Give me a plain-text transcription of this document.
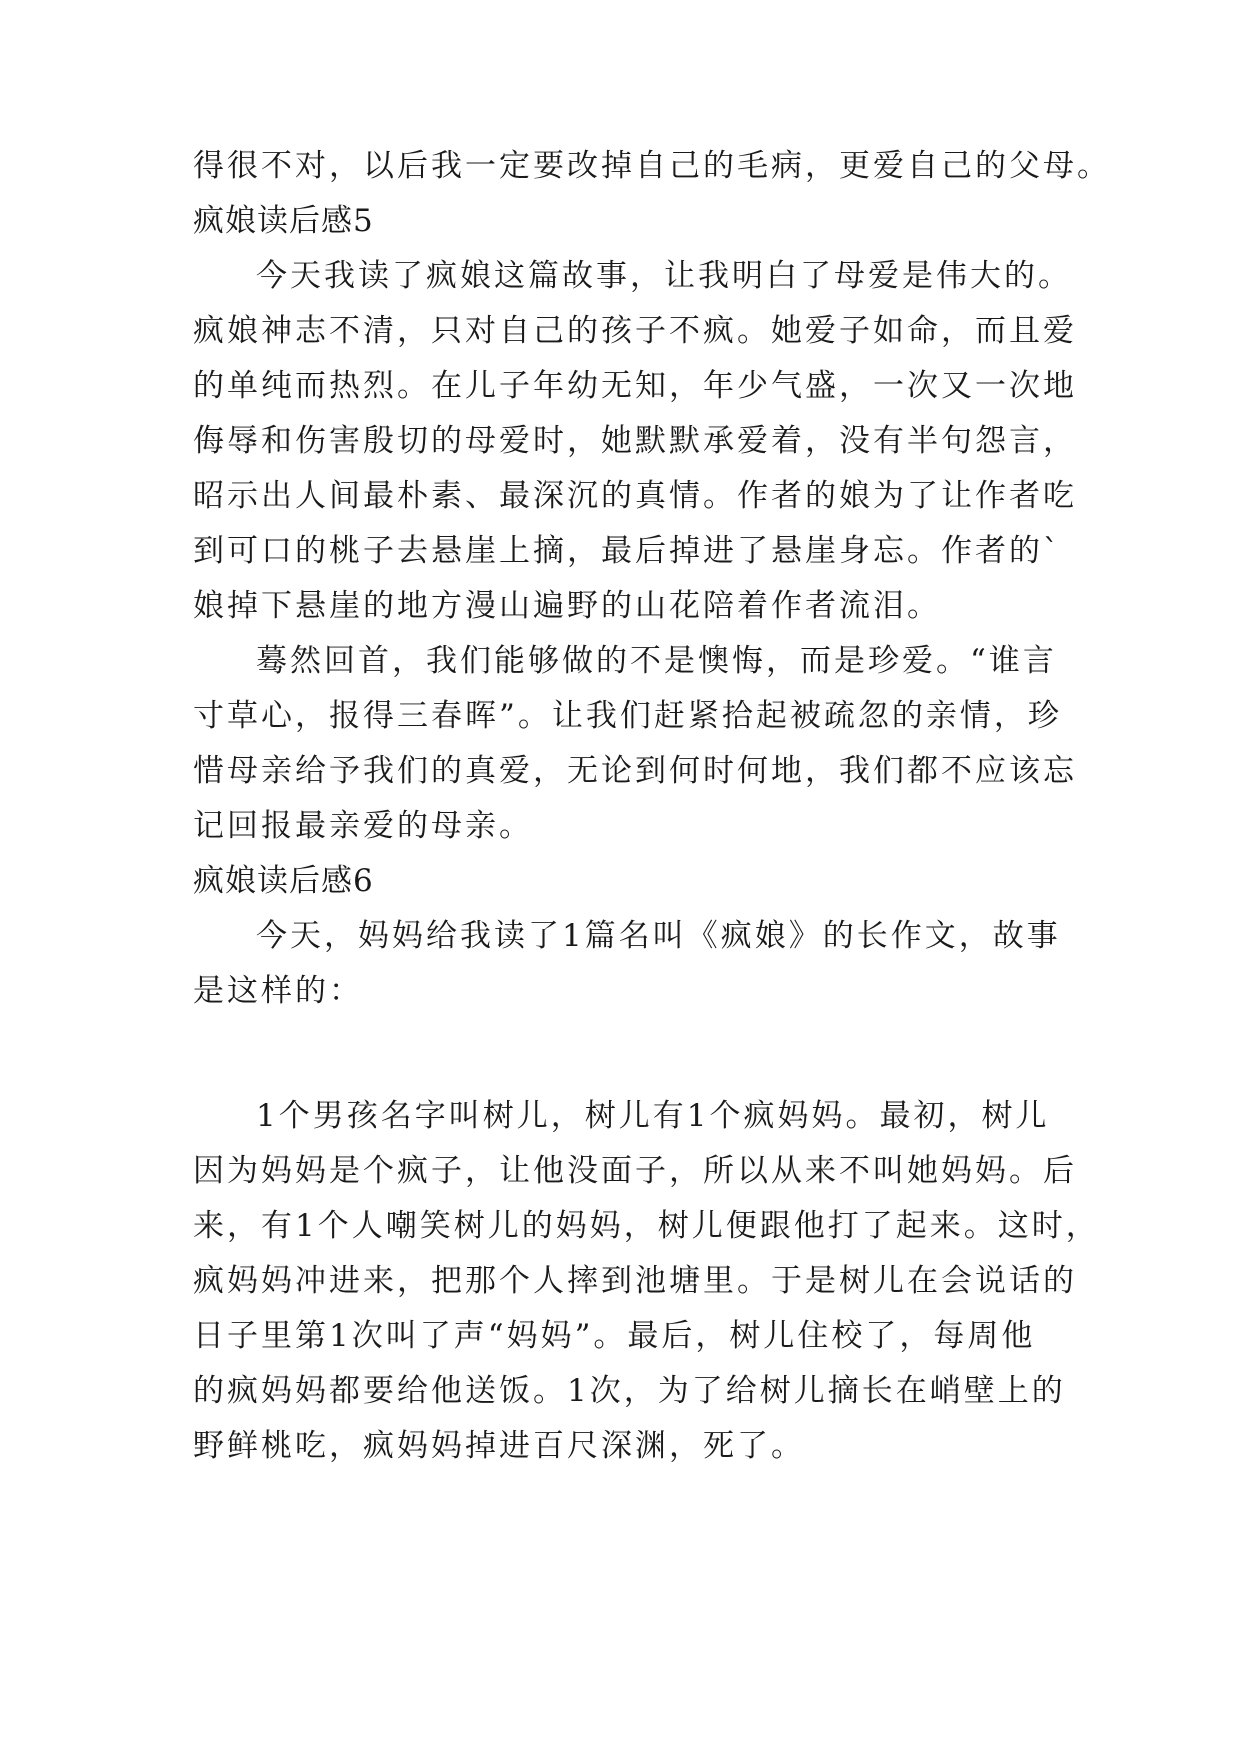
得很不对，以后我一定要改掉自己的毛病，更爱自己的父母。
疯娘读后感5
今天我读了疯娘这篇故事，让我明白了母爱是伟大的。
疯娘神志不清，只对自己的孩子不疯。她爱子如命，而且爱
的单纯而热烈。在儿子年幼无知，年少气盛，一次又一次地
侮辱和伤害殷切的母爱时，她默默承爱着，没有半句怨言，
昭示出人间最朴素、最深沉的真情。作者的娘为了让作者吃
到可口的桃子去悬崖上摘，最后掉进了悬崖身忘。作者的`
娘掉下悬崖的地方漫山遍野的山花陪着作者流泪。
蓦然回首，我们能够做的不是懊悔，而是珍爱。“谁言
寸草心，报得三春晖”。让我们赶紧拾起被疏忽的亲情，珍
惜母亲给予我们的真爱，无论到何时何地，我们都不应该忘
记回报最亲爱的母亲。
疯娘读后感6
今天，妈妈给我读了1篇名叫《疯娘》的长作文，故事
是这样的：
1个男孩名字叫树儿，树儿有1个疯妈妈。最初，树儿
因为妈妈是个疯子，让他没面子，所以从来不叫她妈妈。后
来，有1个人嘲笑树儿的妈妈，树儿便跟他打了起来。这时，
疯妈妈冲进来，把那个人摔到池塘里。于是树儿在会说话的
日子里第1次叫了声“妈妈”。最后，树儿住校了，每周他
的疯妈妈都要给他送饭。1次，为了给树儿摘长在峭壁上的
野鲜桃吃，疯妈妈掉进百尺深渊，死了。
